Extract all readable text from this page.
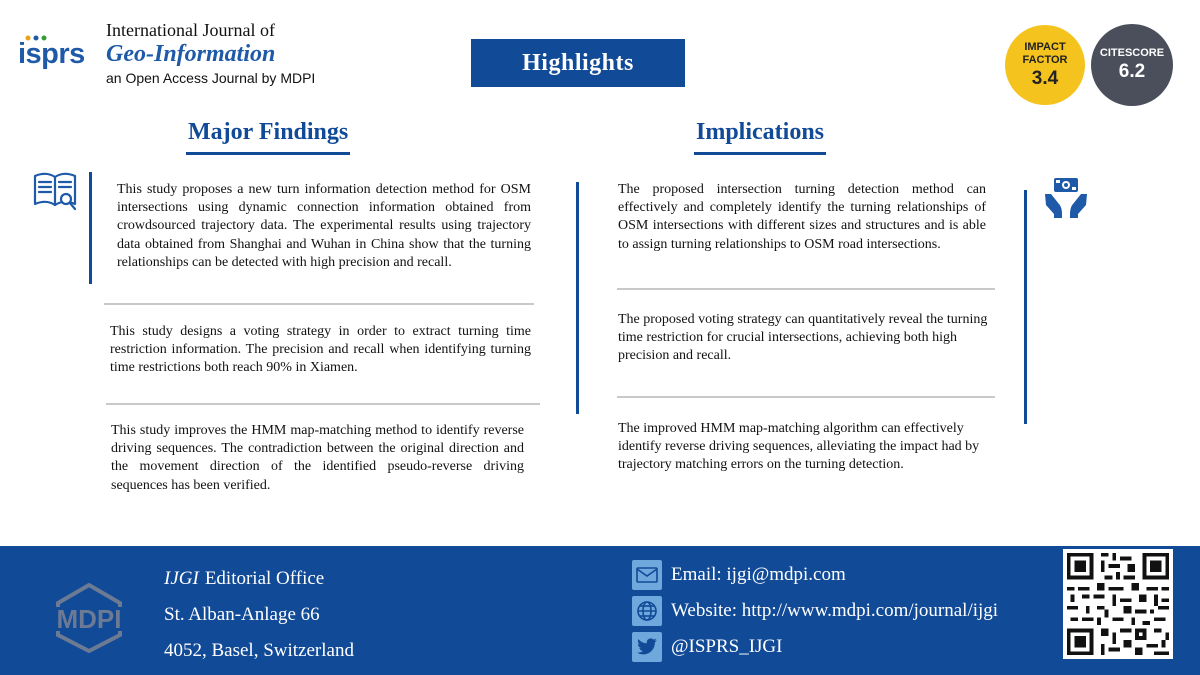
isprs
International Journal of
Geo-Information
an Open Access Journal by MDPI
Highlights
IMPACT
FACTOR
3.4
CITESCORE
6.2
Major Findings	Implications
This study proposes a new turn information detection method for OSM intersections using dynamic connection information obtained from crowdsourced trajectory data. The experimental results using trajectory data obtained from Shanghai and Wuhan in China show that the turning relationships can be detected with high precision and recall.
This study designs a voting strategy in order to extract turning time restriction information. The precision and recall when identifying turning time restrictions both reach 90% in Xiamen.
This study improves the HMM map-matching method to identify reverse driving sequences. The contradiction between the original direction and the movement direction of the identified pseudo-reverse driving sequences has been verified.
The proposed intersection turning detection method can effectively and completely identify the turning relationships of OSM intersections with different sizes and structures and is able to assign turning relationships to OSM road intersections.
The proposed voting strategy can quantitatively reveal the turning time restriction for crucial intersections, achieving both high precision and recall.
The improved HMM map-matching algorithm can effectively identify reverse driving sequences, alleviating the impact had by trajectory matching errors on the turning detection.
MDPI
IJGI Editorial Office
St. Alban-Anlage 66
4052, Basel, Switzerland
Email: ijgi@mdpi.com
Website: http://www.mdpi.com/journal/ijgi
@ISPRS_IJGI
